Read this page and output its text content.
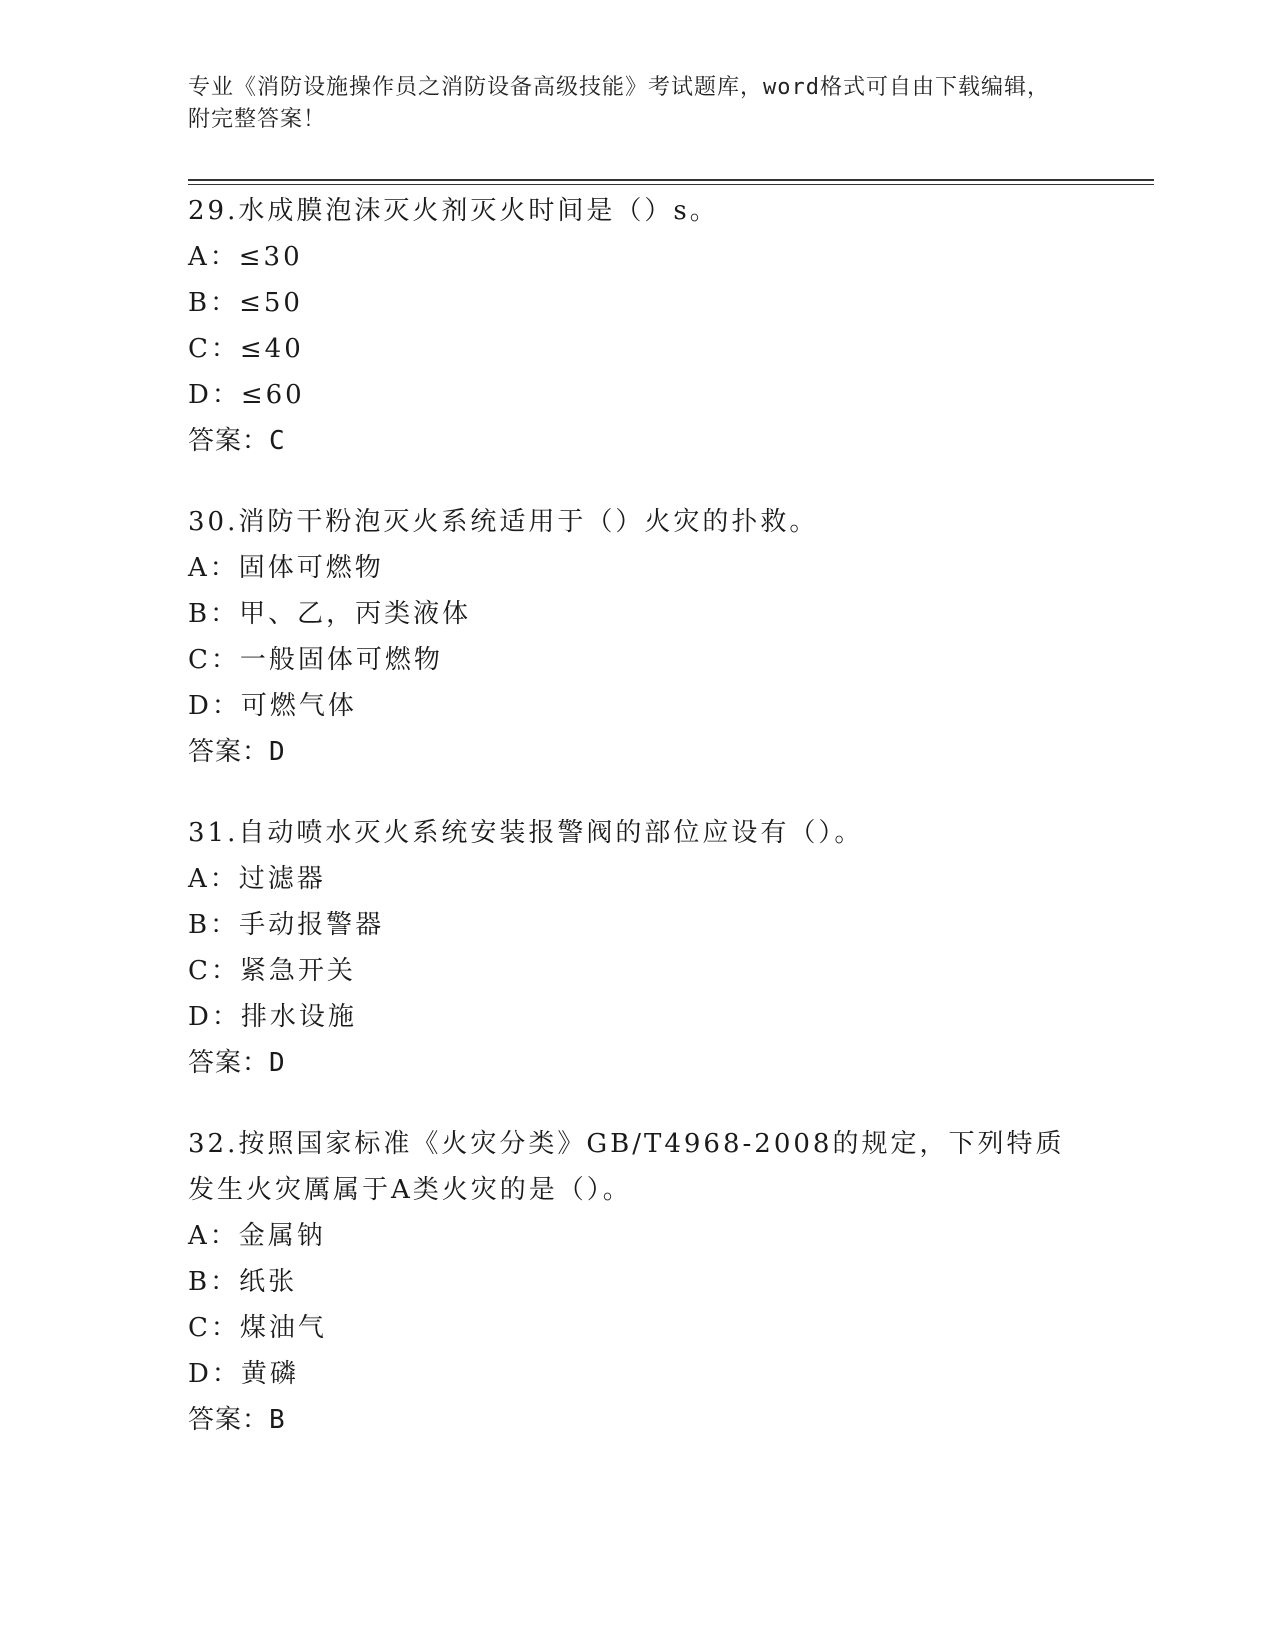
专业《消防设施操作员之消防设备高级技能》考试题库，word格式可自由下载编辑，附完整答案！

29.水成膜泡沫灭火剂灭火时间是（）s。

A：≤30

B：≤50

C：≤40

D：≤60

答案：C

30.消防干粉泡灭火系统适用于（）火灾的扑救。

A：固体可燃物

B：甲、乙，丙类液体

C：一般固体可燃物

D：可燃气体

答案：D

31.自动喷水灭火系统安装报警阀的部位应设有（）。

A：过滤器

B：手动报警器

C：紧急开关

D：排水设施

答案：D

32.按照国家标准《火灾分类》GB/T4968-2008的规定，下列特质发生火灾厲属于A类火灾的是（）。

A：金属钠

B：纸张

C：煤油气

D：黄磷

答案：B
